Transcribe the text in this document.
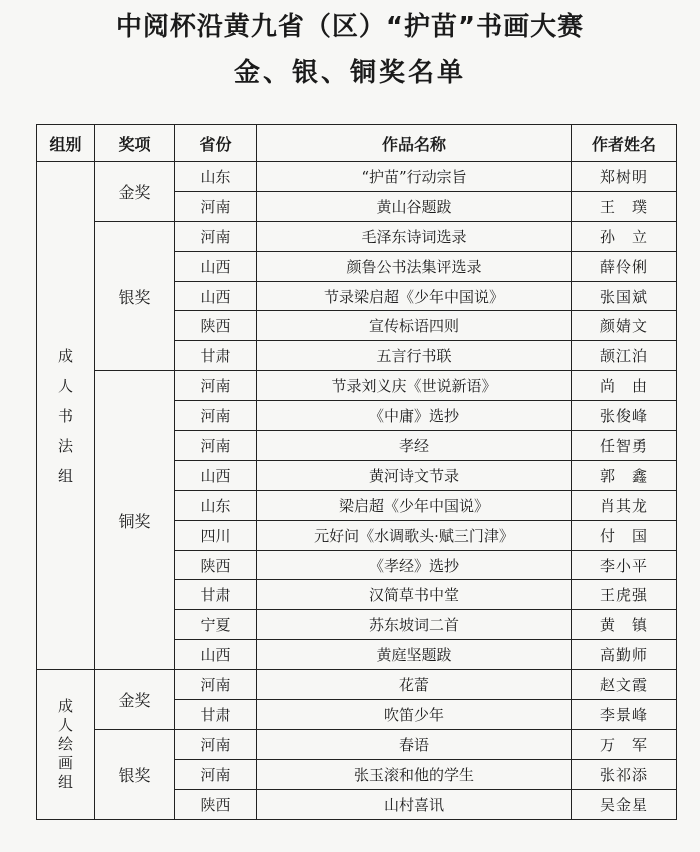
中阅杯沿黄九省（区）“护苗”书画大赛
金、银、铜奖名单
组别	奖项	省份	作品名称	作者姓名

成
人
书
法
组	金奖	山东	“护苗”行动宗旨	郑树明
		河南	黄山谷题跋	王　璞
	银奖	河南	毛泽东诗词选录	孙　立
		山西	颜鲁公书法集评选录	薛伶俐
		山西	节录梁启超《少年中国说》	张国斌
		陕西	宣传标语四则	颜婧文
		甘肃	五言行书联	颉江泊
	铜奖	河南	节录刘义庆《世说新语》	尚　由
		河南	《中庸》选抄	张俊峰
		河南	孝经	任智勇
		山西	黄河诗文节录	郭　鑫
		山东	梁启超《少年中国说》	肖其龙
		四川	元好问《水调歌头·赋三门津》	付　国
		陕西	《孝经》选抄	李小平
		甘肃	汉简草书中堂	王虎强
		宁夏	苏东坡词二首	黄　镇
		山西	黄庭坚题跋	高勤师

成
人
绘
画
组	金奖	河南	花蕾	赵文霞
		甘肃	吹笛少年	李景峰
	银奖	河南	春语	万　军
		河南	张玉滚和他的学生	张祁添
		陕西	山村喜讯	吴金星
